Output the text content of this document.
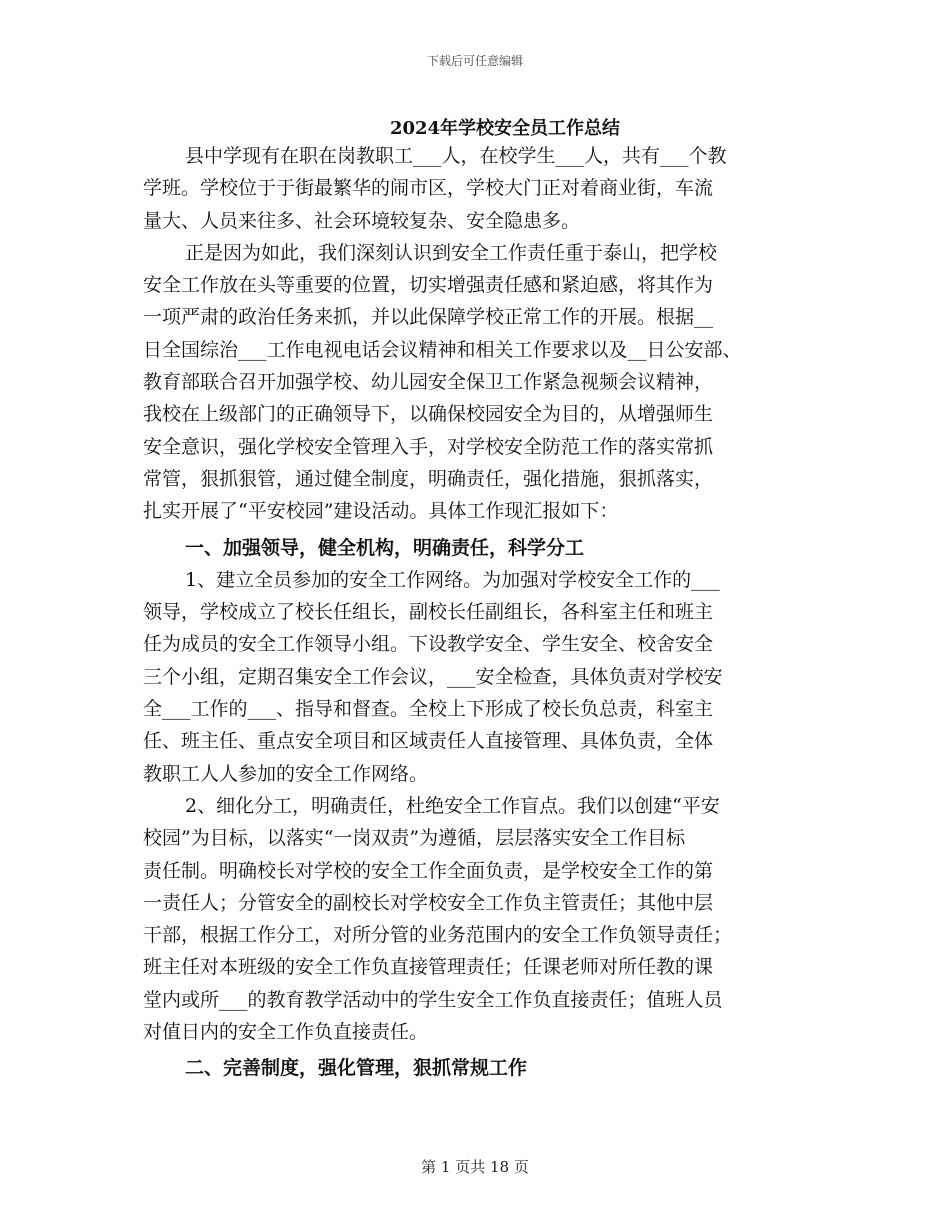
下载后可任意编辑
2024年学校安全员工作总结

县中学现有在职在岗教职工___人，在校学生___人，共有___个教

学班。学校位于于街最繁华的闹市区，学校大门正对着商业街，车流
量大、人员来往多、社会环境较复杂、安全隐患多。

正是因为如此，我们深刻认识到安全工作责任重于泰山，把学校

安全工作放在头等重要的位置，切实增强责任感和紧迫感，将其作为
一项严肃的政治任务来抓，并以此保障学校正常工作的开展。根据__
日全国综治___工作电视电话会议精神和相关工作要求以及__日公安部、
教育部联合召开加强学校、幼儿园安全保卫工作紧急视频会议精神，
我校在上级部门的正确领导下，以确保校园安全为目的，从增强师生
安全意识，强化学校安全管理入手，对学校安全防范工作的落实常抓
常管，狠抓狠管，通过健全制度，明确责任，强化措施，狠抓落实，
扎实开展了“平安校园”建设活动。具体工作现汇报如下：

一、加强领导，健全机构，明确责任，科学分工

1、建立全员参加的安全工作网络。为加强对学校安全工作的___

领导，学校成立了校长任组长，副校长任副组长，各科室主任和班主
任为成员的安全工作领导小组。下设教学安全、学生安全、校舍安全
三个小组，定期召集安全工作会议，___安全检查，具体负责对学校安
全___工作的___、指导和督查。全校上下形成了校长负总责，科室主
任、班主任、重点安全项目和区域责任人直接管理、具体负责，全体
教职工人人参加的安全工作网络。

2、细化分工，明确责任，杜绝安全工作盲点。我们以创建“平安

校园”为目标，以落实“一岗双责”为遵循，层层落实安全工作目标
责任制。明确校长对学校的安全工作全面负责，是学校安全工作的第
一责任人；分管安全的副校长对学校安全工作负主管责任；其他中层
干部，根据工作分工，对所分管的业务范围内的安全工作负领导责任；
班主任对本班级的安全工作负直接管理责任；任课老师对所任教的课
堂内或所___的教育教学活动中的学生安全工作负直接责任；值班人员
对值日内的安全工作负直接责任。

二、完善制度，强化管理，狠抓常规工作
第 1 页共 18 页
